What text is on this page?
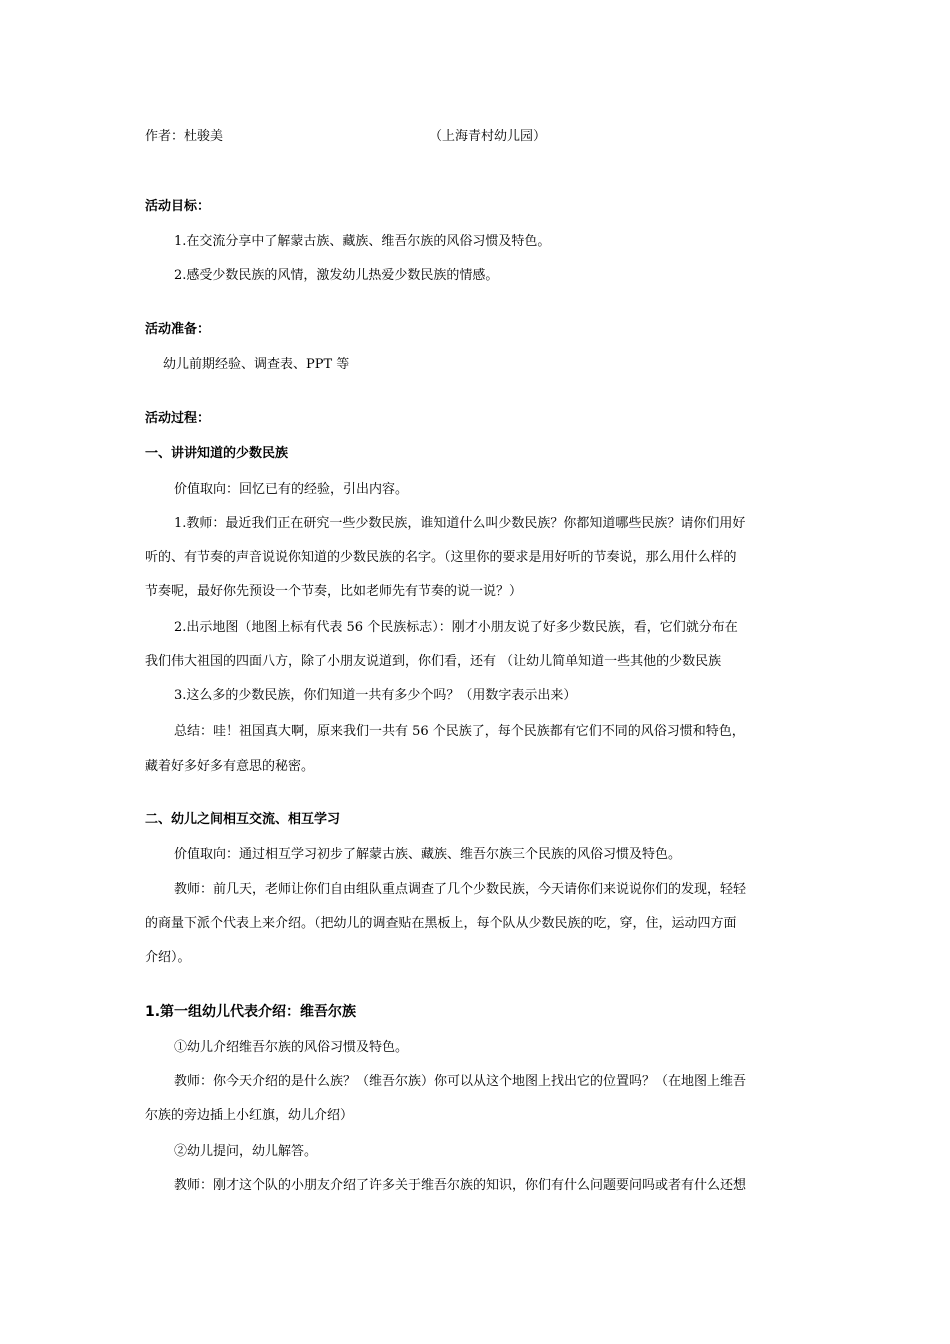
作者：杜骏美	（上海青村幼儿园）
活动目标：
1.在交流分享中了解蒙古族、藏族、维吾尔族的风俗习惯及特色。
2.感受少数民族的风情，激发幼儿热爱少数民族的情感。
活动准备：
幼儿前期经验、调查表、PPT 等
活动过程：
一、讲讲知道的少数民族
价值取向：回忆已有的经验，引出内容。
1.教师：最近我们正在研究一些少数民族，谁知道什么叫少数民族？你都知道哪些民族？请你们用好
听的、有节奏的声音说说你知道的少数民族的名字。（这里你的要求是用好听的节奏说，那么用什么样的
节奏呢，最好你先预设一个节奏，比如老师先有节奏的说一说？）
2.出示地图（地图上标有代表 56 个民族标志）：刚才小朋友说了好多少数民族，看，它们就分布在
我们伟大祖国的四面八方，除了小朋友说道到，你们看，还有 （让幼儿简单知道一些其他的少数民族
3.这么多的少数民族，你们知道一共有多少个吗？（用数字表示出来）
总结：哇！祖国真大啊，原来我们一共有 56 个民族了，每个民族都有它们不同的风俗习惯和特色，
藏着好多好多有意思的秘密。
二、幼儿之间相互交流、相互学习
价值取向：通过相互学习初步了解蒙古族、藏族、维吾尔族三个民族的风俗习惯及特色。
教师：前几天，老师让你们自由组队重点调查了几个少数民族，今天请你们来说说你们的发现，轻轻
的商量下派个代表上来介绍。（把幼儿的调查贴在黑板上，每个队从少数民族的吃，穿，住，运动四方面
介绍）。
1.第一组幼儿代表介绍：维吾尔族
①幼儿介绍维吾尔族的风俗习惯及特色。
教师：你今天介绍的是什么族？（维吾尔族）你可以从这个地图上找出它的位置吗？（在地图上维吾
尔族的旁边插上小红旗，幼儿介绍）
②幼儿提问，幼儿解答。
教师：刚才这个队的小朋友介绍了许多关于维吾尔族的知识，你们有什么问题要问吗或者有什么还想
